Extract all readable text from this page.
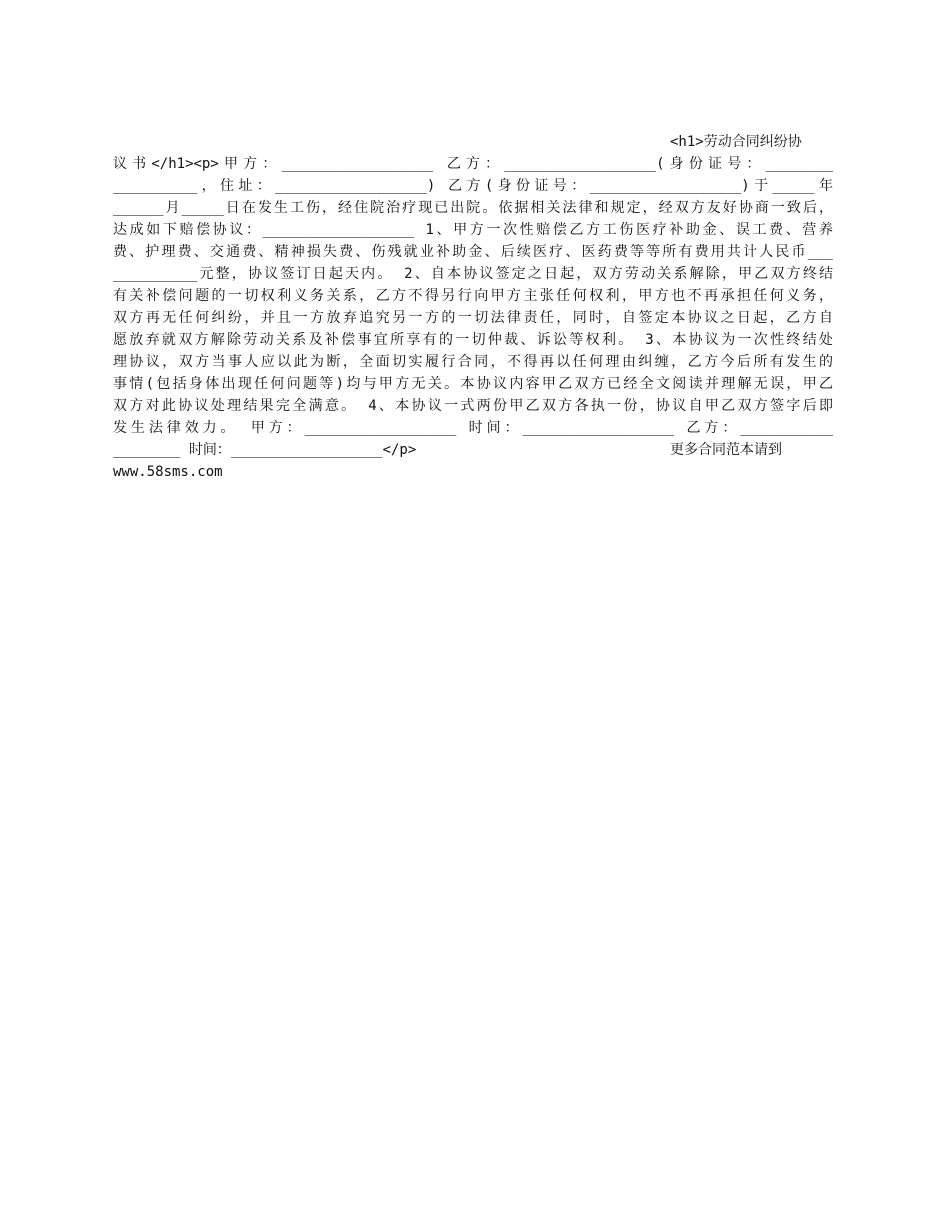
<h1>劳动合同纠纷协
议书</h1><p>甲方：__________________ 乙方：__________________(身份证号：________
__________，住址：__________________) 乙方(身份证号：__________________)于_____年
______月_____日在发生工伤，经住院治疗现已出院。依据相关法律和规定，经双方友好协商一致后，
达成如下赔偿协议：__________________ 1、甲方一次性赔偿乙方工伤医疗补助金、误工费、营养
费、护理费、交通费、精神损失费、伤残就业补助金、后续医疗、医药费等等所有费用共计人民币___
__________元整，协议签订日起天内。 2、自本协议签定之日起，双方劳动关系解除，甲乙双方终结
有关补偿问题的一切权利义务关系，乙方不得另行向甲方主张任何权利，甲方也不再承担任何义务，
双方再无任何纠纷，并且一方放弃追究另一方的一切法律责任，同时，自签定本协议之日起，乙方自
愿放弃就双方解除劳动关系及补偿事宜所享有的一切仲裁、诉讼等权利。 3、本协议为一次性终结处
理协议，双方当事人应以此为断，全面切实履行合同，不得再以任何理由纠缠，乙方今后所有发生的
事情(包括身体出现任何问题等)均与甲方无关。本协议内容甲乙双方已经全文阅读并理解无误，甲乙
双方对此协议处理结果完全满意。 4、本协议一式两份甲乙双方各执一份，协议自甲乙双方签字后即
发生法律效力。 甲方：__________________ 时间：__________________ 乙方：___________
________ 时间：__________________</p>	更多合同范本请到
www.58sms.com
